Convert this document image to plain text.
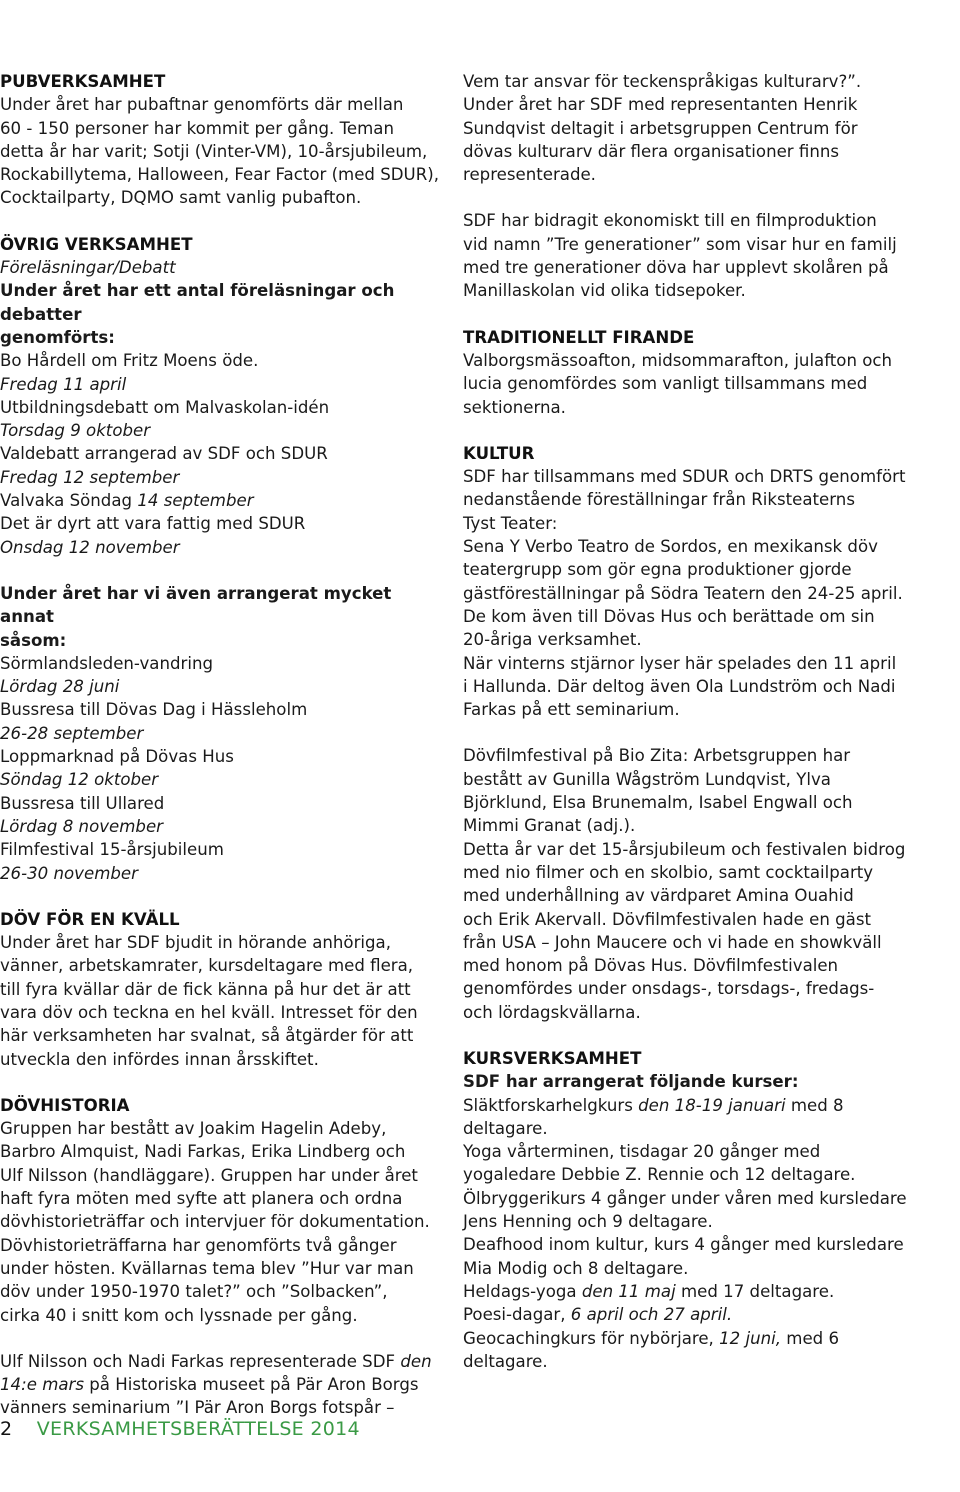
PUBVERKSAMHET

Under året har pubaftnar genomförts där mellan
60 - 150 personer har kommit per gång. Teman
detta år har varit; Sotji (Vinter-VM), 10-årsjubileum,
Rockabillytema, Halloween, Fear Factor (med SDUR),
Cocktailparty, DQMO samt vanlig pubafton.

ÖVRIG VERKSAMHET

Föreläsningar/Debatt

Under året har ett antal föreläsningar och debatter
genomförts:

Bo Hårdell om Fritz Moens öde.
Fredag 11 april
Utbildningsdebatt om Malvaskolan-idén
Torsdag 9 oktober
Valdebatt arrangerad av SDF och SDUR
Fredag 12 september
Valvaka Söndag 14 september
Det är dyrt att vara fattig med SDUR
Onsdag 12 november

Under året har vi även arrangerat mycket annat
såsom:

Sörmlandsleden-vandring
Lördag 28 juni
Bussresa till Dövas Dag i Hässleholm
26-28 september
Loppmarknad på Dövas Hus
Söndag 12 oktober
Bussresa till Ullared
Lördag 8 november
Filmfestival 15-årsjubileum
26-30 november

DÖV FÖR EN KVÄLL

Under året har SDF bjudit in hörande anhöriga,
vänner, arbetskamrater, kursdeltagare med flera,
till fyra kvällar där de fick känna på hur det är att
vara döv och teckna en hel kväll. Intresset för den
här verksamheten har svalnat, så åtgärder för att
utveckla den infördes innan årsskiftet.

DÖVHISTORIA

Gruppen har bestått av Joakim Hagelin Adeby,
Barbro Almquist, Nadi Farkas, Erika Lindberg och
Ulf Nilsson (handläggare). Gruppen har under året
haft fyra möten med syfte att planera och ordna
dövhistorieträffar och intervjuer för dokumentation.
Dövhistorieträffarna har genomförts två gånger
under hösten. Kvällarnas tema blev ”Hur var man
döv under 1950-1970 talet?” och ”Solbacken”,
cirka 40 i snitt kom och lyssnade per gång.

Ulf Nilsson och Nadi Farkas representerade SDF den
14:e mars på Historiska museet på Pär Aron Borgs
vänners seminarium ”I Pär Aron Borgs fotspår –

Vem tar ansvar för teckenspråkigas kulturarv?”.
Under året har SDF med representanten Henrik
Sundqvist deltagit i arbetsgruppen Centrum för
dövas kulturarv där flera organisationer finns
representerade.

SDF har bidragit ekonomiskt till en filmproduktion
vid namn ”Tre generationer” som visar hur en familj
med tre generationer döva har upplevt skolåren på
Manillaskolan vid olika tidsepoker.

TRADITIONELLT FIRANDE

Valborgsmässoafton, midsommarafton, julafton och
lucia genomfördes som vanligt tillsammans med
sektionerna.

KULTUR

SDF har tillsammans med SDUR och DRTS genomfört
nedanstående föreställningar från Riksteaterns
Tyst Teater:
Sena Y Verbo Teatro de Sordos, en mexikansk döv
teatergrupp som gör egna produktioner gjorde
gästföreställningar på Södra Teatern den 24-25 april.
De kom även till Dövas Hus och berättade om sin
20-åriga verksamhet.
När vinterns stjärnor lyser här spelades den 11 april
i Hallunda. Där deltog även Ola Lundström och Nadi
Farkas på ett seminarium.

Dövfilmfestival på Bio Zita: Arbetsgruppen har
bestått av Gunilla Wågström Lundqvist, Ylva
Björklund, Elsa Brunemalm, Isabel Engwall och
Mimmi Granat (adj.).
Detta år var det 15-årsjubileum och festivalen bidrog
med nio filmer och en skolbio, samt cocktailparty
med underhållning av värdparet Amina Ouahid
och Erik Akervall. Dövfilmfestivalen hade en gäst
från USA – John Maucere och vi hade en showkväll
med honom på Dövas Hus. Dövfilmfestivalen
genomfördes under onsdags-, torsdags-, fredags-
och lördagskvällarna.

KURSVERKSAMHET

SDF har arrangerat följande kurser:

Släktforskarhelgkurs den 18-19 januari med 8
deltagare.
Yoga vårterminen, tisdagar 20 gånger med
yogaledare Debbie Z. Rennie och 12 deltagare.
Ölbryggerikurs 4 gånger under våren med kursledare
Jens Henning och 9 deltagare.
Deafhood inom kultur, kurs 4 gånger med kursledare
Mia Modig och 8 deltagare.
Heldags-yoga den 11 maj med 17 deltagare.
Poesi-dagar, 6 april och 27 april.
Geocachingkurs för nybörjare, 12 juni, med 6
deltagare.

2 VERKSAMHETSBERÄTTELSE 2014
